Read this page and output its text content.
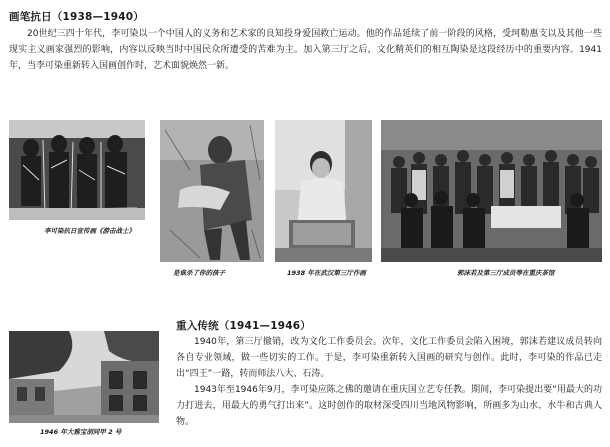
画笔抗日（1938—1940）
20世纪三四十年代，李可染以一个中国人的义务和艺术家的良知投身爱国救亡运动。他的作品延续了前一阶段的风格，受珂勒惠支以及其他一些现实主义画家强烈的影响，内容以反映当时中国民众所遭受的苦难为主。加入第三厅之后，文化精英们的相互陶染是这段经历中的重要内容。1941年，当李可染重新转入国画创作时，艺术面貌焕然一新。
李可染抗日宣传画《游击战士》
是谁杀了你的孩子	1938 年在武汉第三厅作画	郭沫若及第三厅成员等在重庆茶馆
1946 年大雅宝胡同甲 2 号
重入传统（1941—1946）
1940年，第三厅撤销，改为文化工作委员会。次年，文化工作委员会陷入困境，郭沫若建议成员转向各自专业领域，做一些切实的工作。于是，李可染重新转入国画的研究与创作。此时，李可染的作品已走出“四王”一路，转而师法八大、石涛。
1943年至1946年9月，李可染应陈之佛的邀请在重庆国立艺专任教。期间，李可染提出要“用最大的功力打进去，用最大的勇气打出来”。这时创作的取材深受四川当地风物影响，所画多为山水、水牛和古典人物。
